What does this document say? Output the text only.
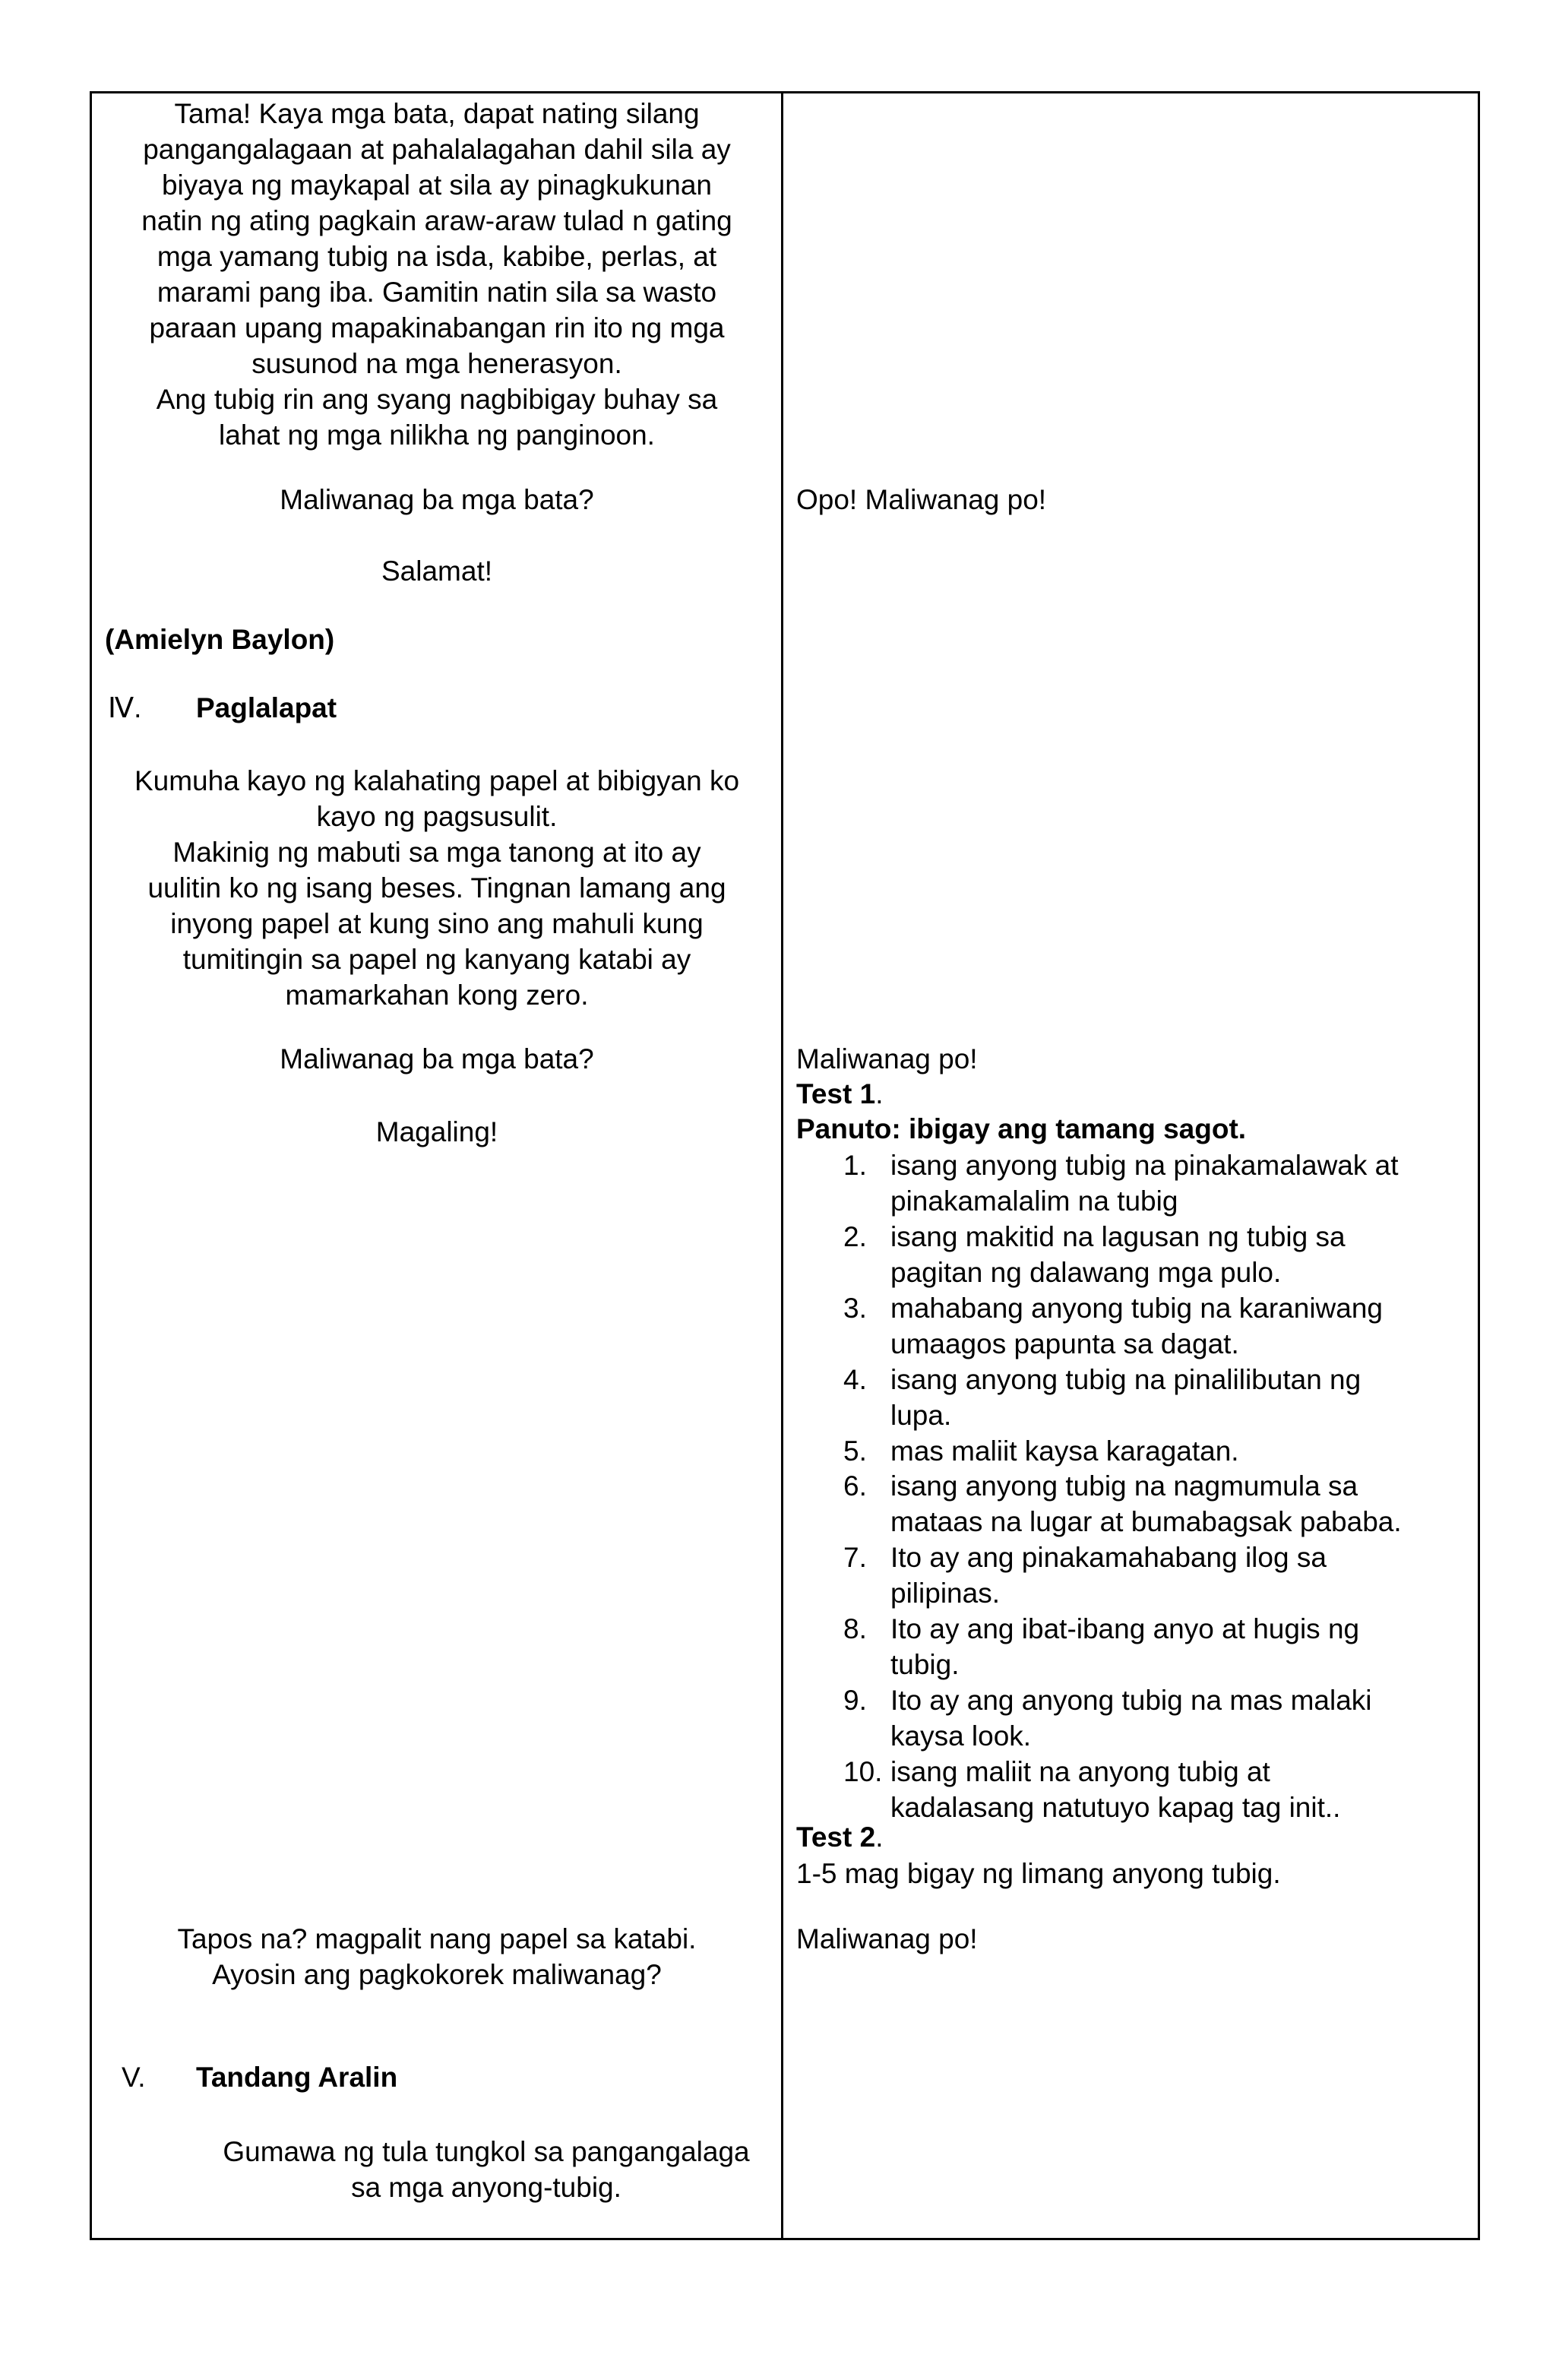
Tama! Kaya mga bata, dapat nating silang
pangangalagaan at pahalalagahan dahil sila ay
biyaya ng maykapal at sila ay pinagkukunan
natin ng ating pagkain araw-araw tulad n gating
mga yamang tubig na isda, kabibe, perlas, at
marami pang iba. Gamitin natin sila sa wasto
paraan upang mapakinabangan rin ito ng mga
susunod na mga henerasyon.
Ang tubig rin ang syang nagbibigay buhay sa
lahat ng mga nilikha ng panginoon.
Maliwanag ba mga bata?
Salamat!
(Amielyn Baylon)
Ⅳ. Paglalapat
Kumuha kayo ng kalahating papel at bibigyan ko
kayo ng pagsusulit.
Makinig ng mabuti sa mga tanong at ito ay
uulitin ko ng isang beses. Tingnan lamang ang
inyong papel at kung sino ang mahuli kung
tumitingin sa papel ng kanyang katabi ay
mamarkahan kong zero.
Maliwanag ba mga bata?
Magaling!
Tapos na? magpalit nang papel sa katabi.
Ayosin ang pagkokorek maliwanag?
V. Tandang Aralin
Gumawa ng tula tungkol sa pangangalaga
sa mga anyong-tubig.
Opo! Maliwanag po!
Maliwanag po!
Test 1.
Panuto: ibigay ang tamang sagot.
1. isang anyong tubig na pinakamalawak at
pinakamalalim na tubig
2. isang makitid na lagusan ng tubig sa
pagitan ng dalawang mga pulo.
3. mahabang anyong tubig na karaniwang
umaagos papunta sa dagat.
4. isang anyong tubig na pinalilibutan ng
lupa.
5. mas maliit kaysa karagatan.
6. isang anyong tubig na nagmumula sa
mataas na lugar at bumabagsak pababa.
7. Ito ay ang pinakamahabang ilog sa
pilipinas.
8. Ito ay ang ibat-ibang anyo at hugis ng
tubig.
9. Ito ay ang anyong tubig na mas malaki
kaysa look.
10. isang maliit na anyong tubig at
kadalasang natutuyo kapag tag init..
Test 2.
1-5 mag bigay ng limang anyong tubig.
Maliwanag po!
